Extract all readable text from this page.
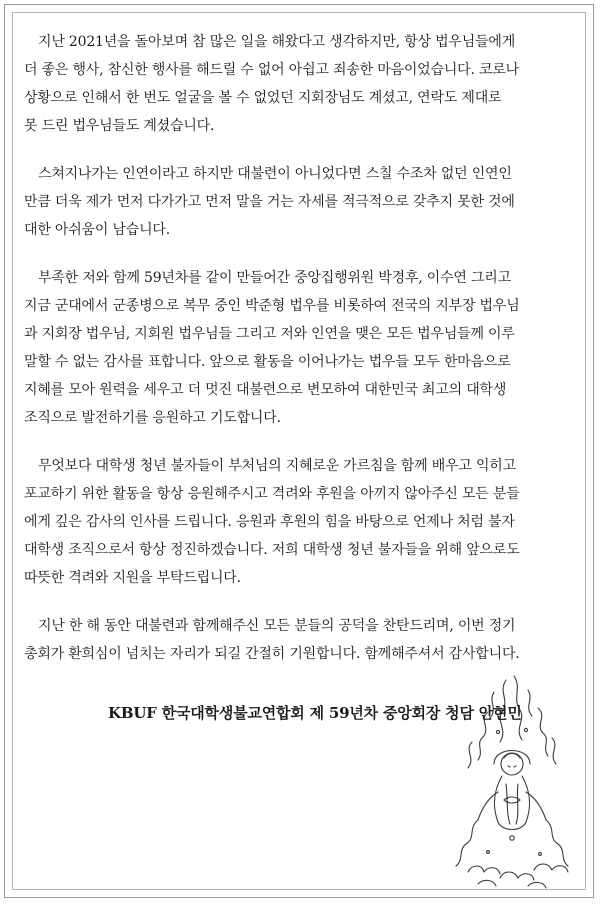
지난 2021년을 돌아보며 참 많은 일을 해왔다고 생각하지만, 항상 법우님들에게
더 좋은 행사, 참신한 행사를 해드릴 수 없어 아쉽고 죄송한 마음이었습니다. 코로나
상황으로 인해서 한 번도 얼굴을 볼 수 없었던 지회장님도 계셨고, 연락도 제대로
못 드린 법우님들도 계셨습니다.

스쳐지나가는 인연이라고 하지만 대불련이 아니었다면 스칠 수조차 없던 인연인
만큼 더욱 제가 먼저 다가가고 먼저 말을 거는 자세를 적극적으로 갖추지 못한 것에
대한 아쉬움이 남습니다.

부족한 저와 함께 59년차를 같이 만들어간 중앙집행위원 박경후, 이수연 그리고
지금 군대에서 군종병으로 복무 중인 박준형 법우를 비롯하여 전국의 지부장 법우님
과 지회장 법우님, 지회원 법우님들 그리고 저와 인연을 맺은 모든 법우님들께 이루
말할 수 없는 감사를 표합니다. 앞으로 활동을 이어나가는 법우들 모두 한마음으로
지혜를 모아 원력을 세우고 더 멋진 대불련으로 변모하여 대한민국 최고의 대학생
조직으로 발전하기를 응원하고 기도합니다.

무엇보다 대학생 청년 불자들이 부처님의 지혜로운 가르침을 함께 배우고 익히고
포교하기 위한 활동을 항상 응원해주시고 격려와 후원을 아끼지 않아주신 모든 분들
에게 깊은 감사의 인사를 드립니다. 응원과 후원의 힘을 바탕으로 언제나 처럼 불자
대학생 조직으로서 항상 정진하겠습니다. 저희 대학생 청년 불자들을 위해 앞으로도
따뜻한 격려와 지원을 부탁드립니다.

지난 한 해 동안 대불련과 함께해주신 모든 분들의 공덕을 찬탄드리며, 이번 정기
총회가 환희심이 넘치는 자리가 되길 간절히 기원합니다. 함께해주셔서 감사합니다.

KBUF 한국대학생불교연합회 제 59년차 중앙회장 청담 안현민
